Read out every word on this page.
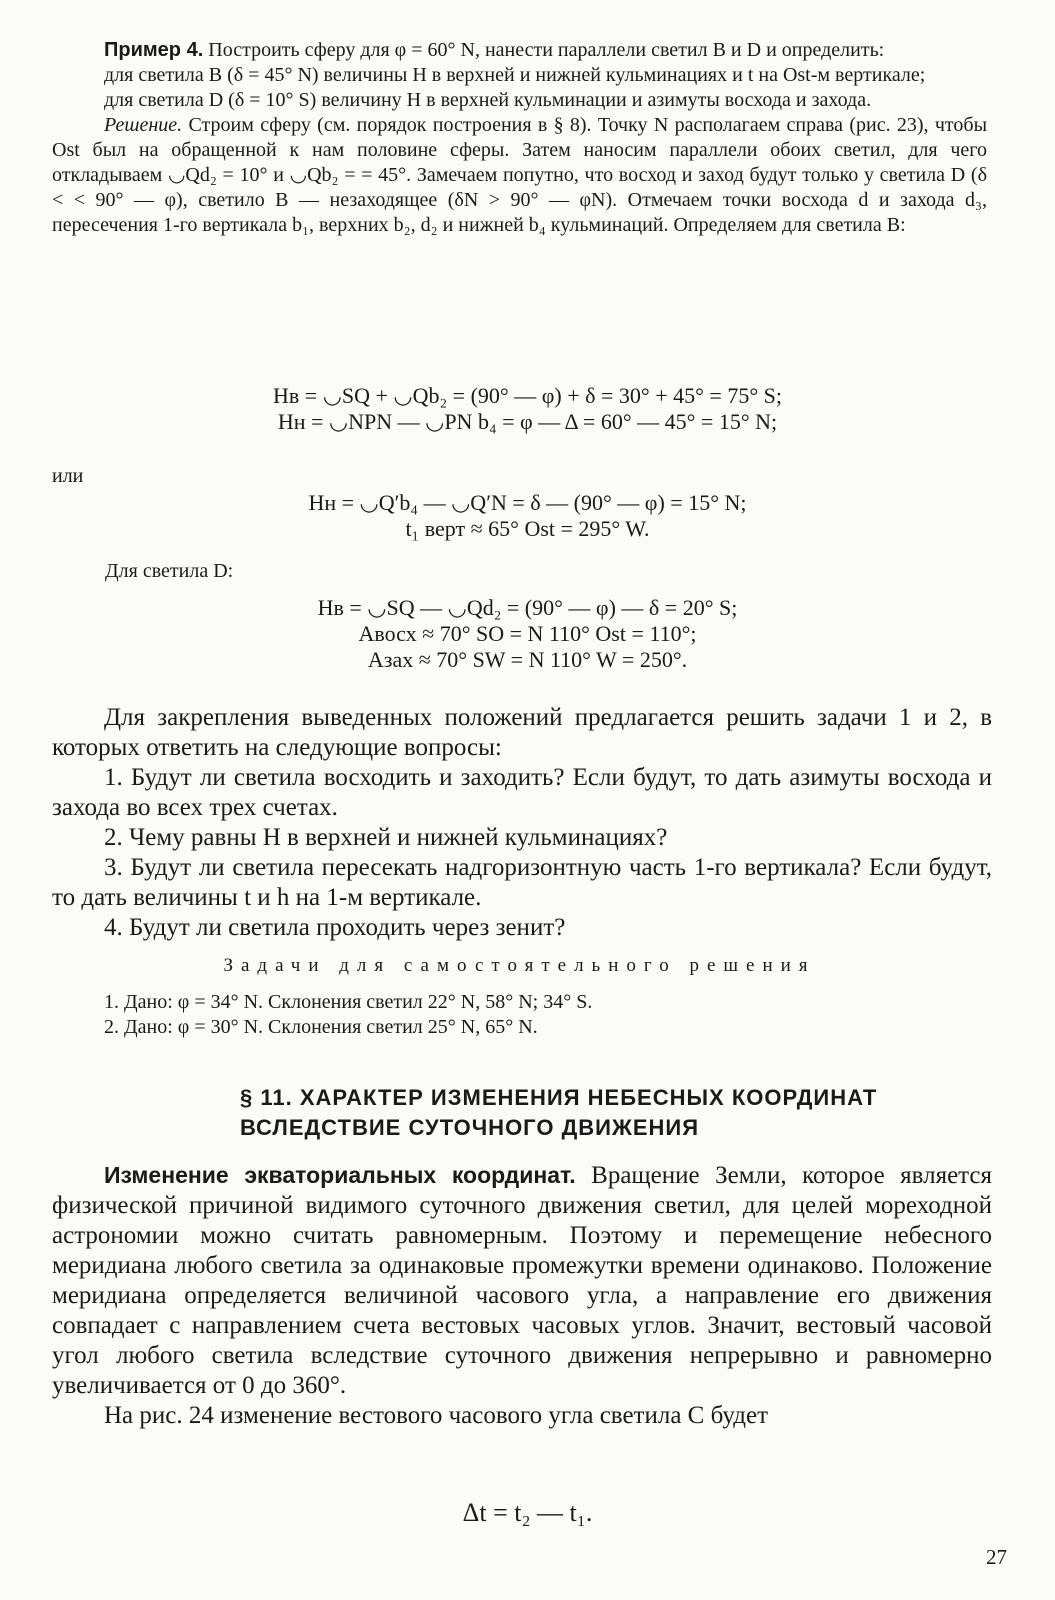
Пример 4. Построить сферу для φ = 60° N, нанести параллели светил B и D и определить:
для светила B (δ = 45° N) величины H в верхней и нижней кульминациях и t на Ost-м вертикале;
для светила D (δ = 10° S) величину H в верхней кульминации и азимуты восхода и захода.
Решение. Строим сферу (см. порядок построения в § 8). Точку N располагаем справа (рис. 23), чтобы Ost был на обращенной к нам половине сферы. Затем наносим параллели обоих светил, для чего откладываем ◡Qd₂ = 10° и ◡Qb₂ = = 45°. Замечаем попутно, что восход и заход будут только у светила D (δ < < 90° — φ), светило B — незаходящее (δN > 90° — φN). Отмечаем точки восхода d и захода d₃, пересечения 1-го вертикала b₁, верхних b₂, d₂ и нижней b₄ кульминаций. Определяем для светила B:
Hв = ◡SQ + ◡Qb₂ = (90° — φ) + δ = 30° + 45° = 75° S;
Hн = ◡NPN — ◡PN b₄ = φ — Δ = 60° — 45° = 15° N;
или
Hн = ◡Q′b₄ — ◡Q′N = δ — (90° — φ) = 15° N;
t₁ верт ≈ 65° Ost = 295° W.
Для светила D:
Hв = ◡SQ — ◡Qd₂ = (90° — φ) — δ = 20° S;
Aвосх ≈ 70° SO = N 110° Ost = 110°;
Aзах ≈ 70° SW = N 110° W = 250°.
Для закрепления выведенных положений предлагается решить задачи 1 и 2, в которых ответить на следующие вопросы:
1. Будут ли светила восходить и заходить? Если будут, то дать азимуты восхода и захода во всех трех счетах.
2. Чему равны H в верхней и нижней кульминациях?
3. Будут ли светила пересекать надгоризонтную часть 1-го вертикала? Если будут, то дать величины t и h на 1-м вертикале.
4. Будут ли светила проходить через зенит?
Задачи для самостоятельного решения
1. Дано: φ = 34° N. Склонения светил 22° N, 58° N; 34° S.
2. Дано: φ = 30° N. Склонения светил 25° N, 65° N.
§ 11. ХАРАКТЕР ИЗМЕНЕНИЯ НЕБЕСНЫХ КООРДИНАТ ВСЛЕДСТВИЕ СУТОЧНОГО ДВИЖЕНИЯ
Изменение экваториальных координат. Вращение Земли, которое является физической причиной видимого суточного движения светил, для целей мореходной астрономии можно считать равномерным. Поэтому и перемещение небесного меридиана любого светила за одинаковые промежутки времени одинаково. Положение меридиана определяется величиной часового угла, а направление его движения совпадает с направлением счета вестовых часовых углов. Значит, вестовый часовой угол любого светила вследствие суточного движения непрерывно и равномерно увеличивается от 0 до 360°.
На рис. 24 изменение вестового часового угла светила C будет
Δt = t₂ — t₁.
27
